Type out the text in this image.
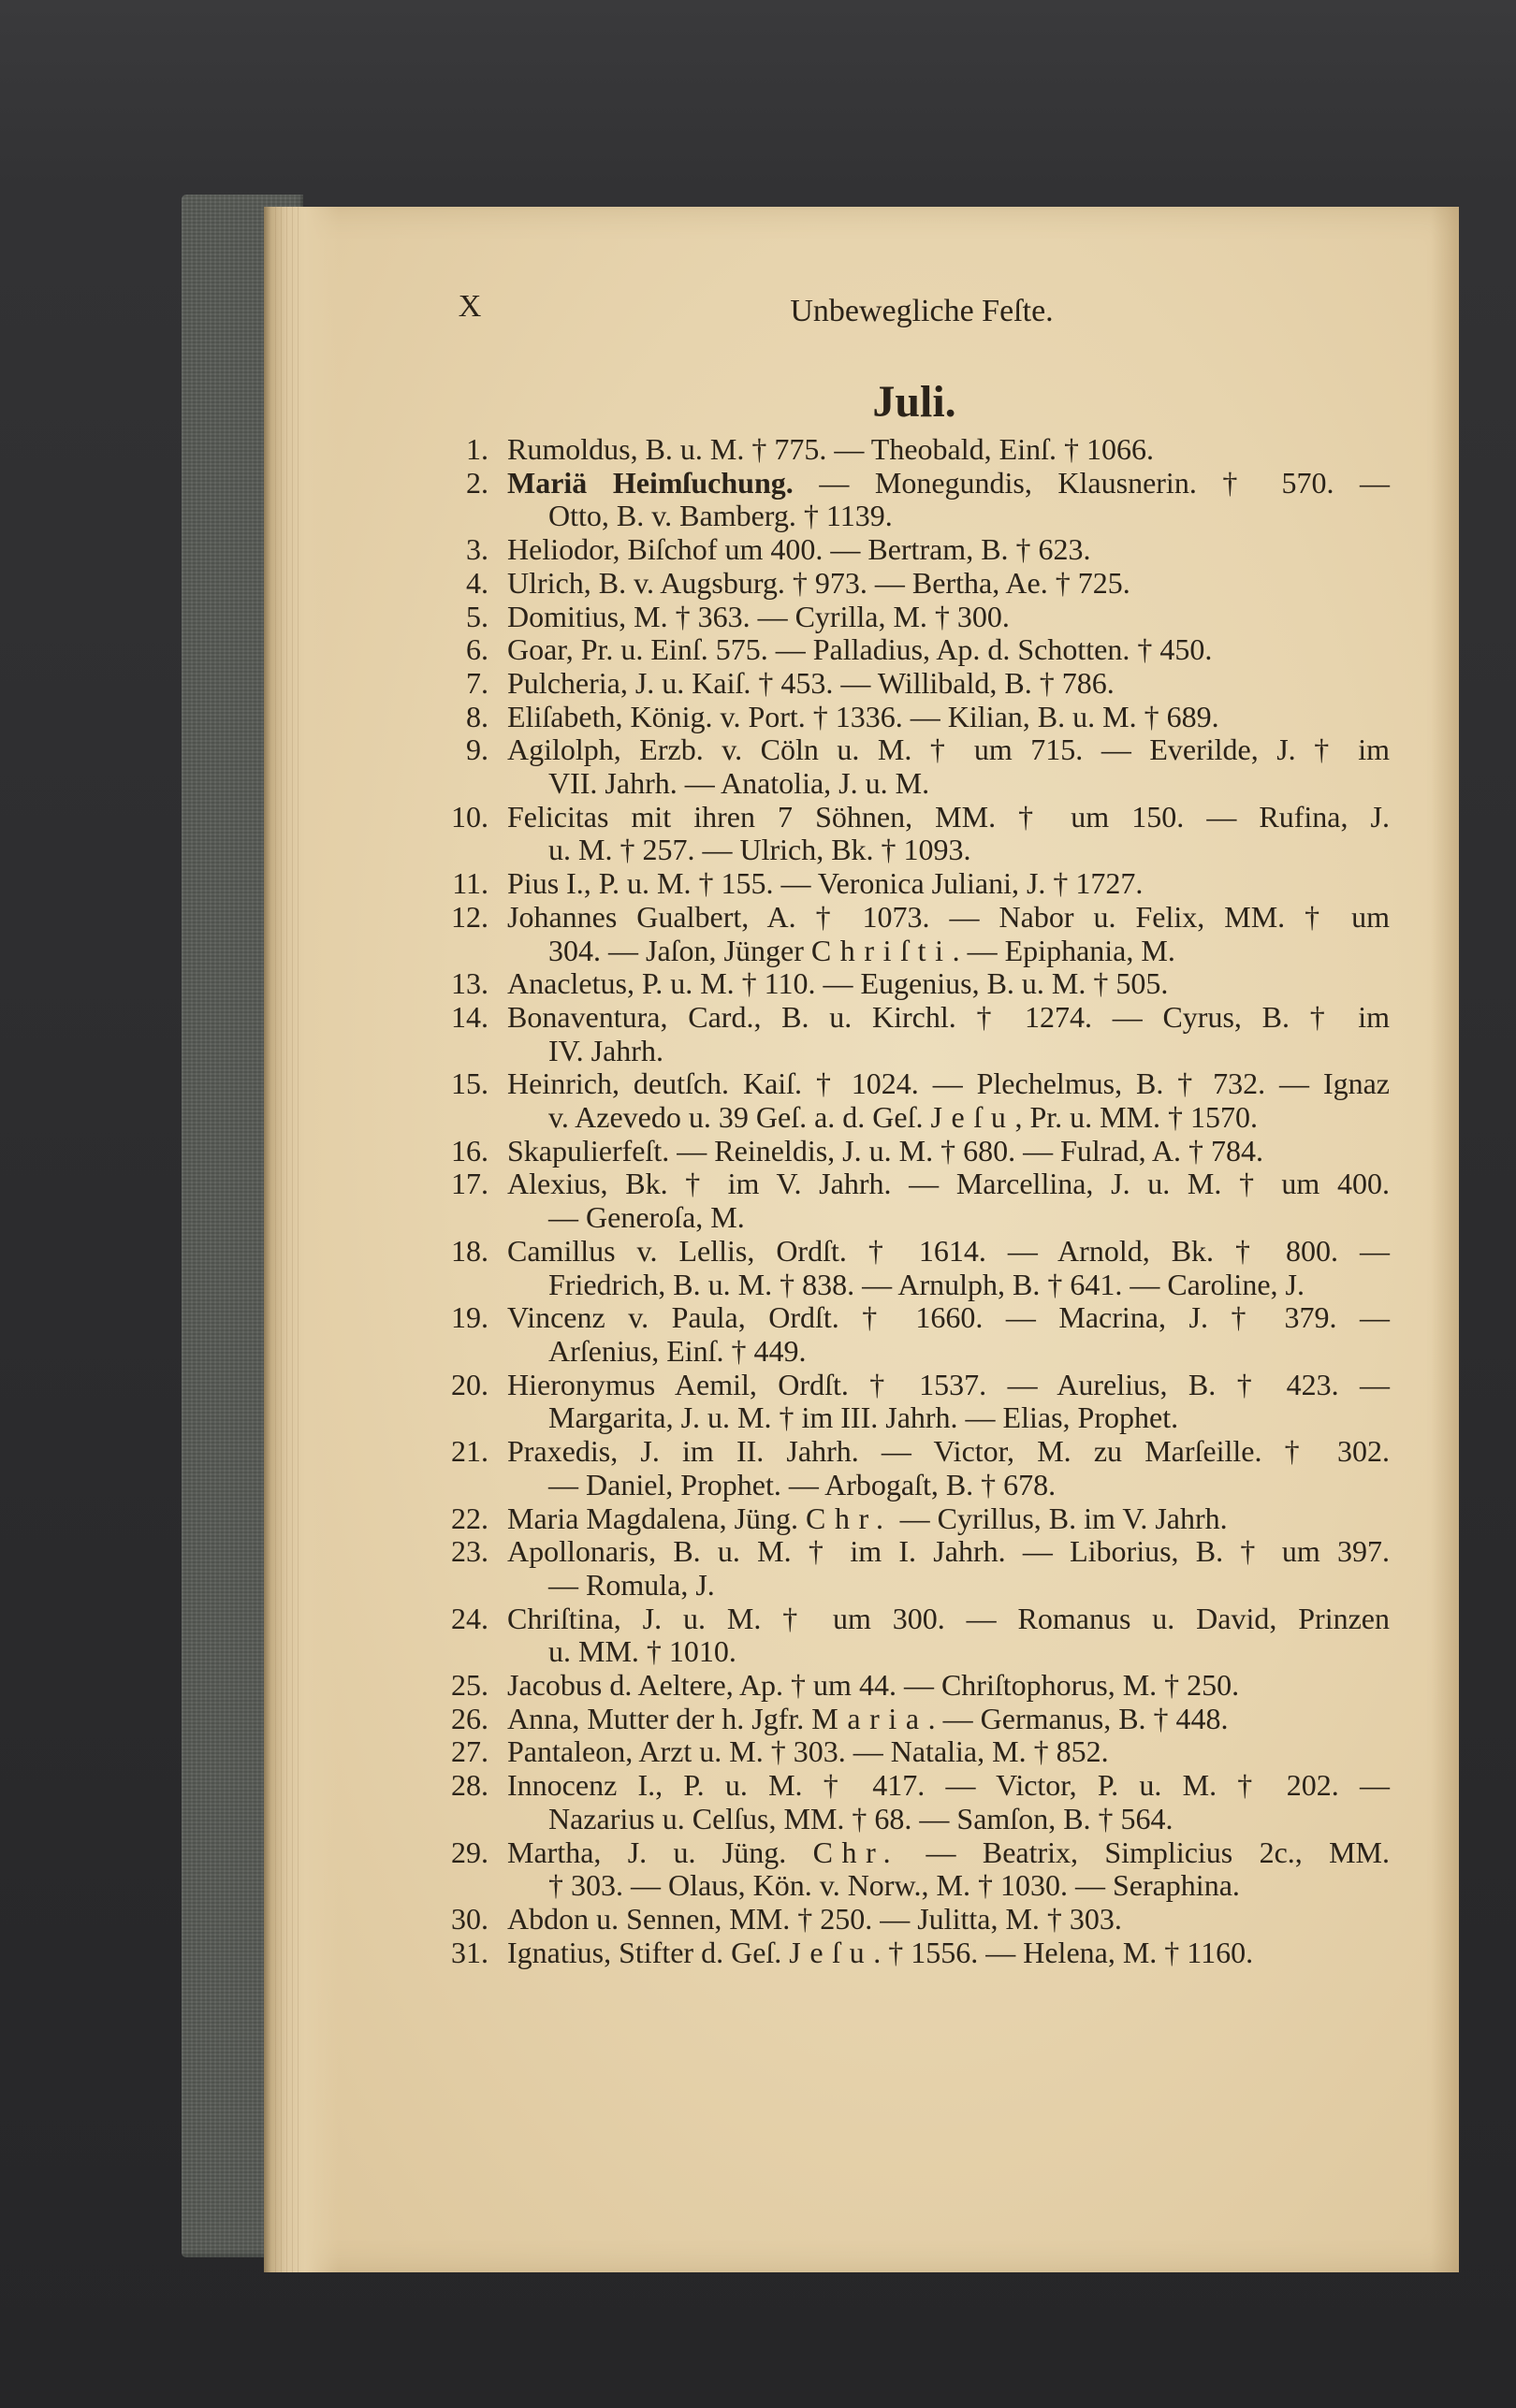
X	Unbewegliche Feſte.
Juli.
1. Rumoldus, B. u. M. † 775. — Theobald, Einſ. † 1066.
2. Mariä Heimſuchung. — Monegundis, Klausnerin. † 570. —
Otto, B. v. Bamberg. † 1139.
3. Heliodor, Biſchof um 400. — Bertram, B. † 623.
4. Ulrich, B. v. Augsburg. † 973. — Bertha, Ae. † 725.
5. Domitius, M. † 363. — Cyrilla, M. † 300.
6. Goar, Pr. u. Einſ. 575. — Palladius, Ap. d. Schotten. † 450.
7. Pulcheria, J. u. Kaiſ. † 453. — Willibald, B. † 786.
8. Eliſabeth, König. v. Port. † 1336. — Kilian, B. u. M. † 689.
9. Agilolph, Erzb. v. Cöln u. M. † um 715. — Everilde, J. † im
VII. Jahrh. — Anatolia, J. u. M.
10. Felicitas mit ihren 7 Söhnen, MM. † um 150. — Rufina, J.
u. M. † 257. — Ulrich, Bk. † 1093.
11. Pius I., P. u. M. † 155. — Veronica Juliani, J. † 1727.
12. Johannes Gualbert, A. † 1073. — Nabor u. Felix, MM. † um
304. — Jaſon, Jünger Chriſti. — Epiphania, M.
13. Anacletus, P. u. M. † 110. — Eugenius, B. u. M. † 505.
14. Bonaventura, Card., B. u. Kirchl. † 1274. — Cyrus, B. † im
IV. Jahrh.
15. Heinrich, deutſch. Kaiſ. † 1024. — Plechelmus, B. † 732. — Ignaz
v. Azevedo u. 39 Geſ. a. d. Geſ. Jeſu, Pr. u. MM. † 1570.
16. Skapulierfeſt. — Reineldis, J. u. M. † 680. — Fulrad, A. † 784.
17. Alexius, Bk. † im V. Jahrh. — Marcellina, J. u. M. † um 400.
— Generoſa, M.
18. Camillus v. Lellis, Ordſt. † 1614. — Arnold, Bk. † 800. —
Friedrich, B. u. M. † 838. — Arnulph, B. † 641. — Caroline, J.
19. Vincenz v. Paula, Ordſt. † 1660. — Macrina, J. † 379. —
Arſenius, Einſ. † 449.
20. Hieronymus Aemil, Ordſt. † 1537. — Aurelius, B. † 423. —
Margarita, J. u. M. † im III. Jahrh. — Elias, Prophet.
21. Praxedis, J. im II. Jahrh. — Victor, M. zu Marſeille. † 302.
— Daniel, Prophet. — Arbogaſt, B. † 678.
22. Maria Magdalena, Jüng. Chr. — Cyrillus, B. im V. Jahrh.
23. Apollonaris, B. u. M. † im I. Jahrh. — Liborius, B. † um 397.
— Romula, J.
24. Chriſtina, J. u. M. † um 300. — Romanus u. David, Prinzen
u. MM. † 1010.
25. Jacobus d. Aeltere, Ap. † um 44. — Chriſtophorus, M. † 250.
26. Anna, Mutter der h. Jgfr. Maria. — Germanus, B. † 448.
27. Pantaleon, Arzt u. M. † 303. — Natalia, M. † 852.
28. Innocenz I., P. u. M. † 417. — Victor, P. u. M. † 202. —
Nazarius u. Celſus, MM. † 68. — Samſon, B. † 564.
29. Martha, J. u. Jüng. Chr. — Beatrix, Simplicius 2c., MM.
† 303. — Olaus, Kön. v. Norw., M. † 1030. — Seraphina.
30. Abdon u. Sennen, MM. † 250. — Julitta, M. † 303.
31. Ignatius, Stifter d. Geſ. Jeſu. † 1556. — Helena, M. † 1160.
